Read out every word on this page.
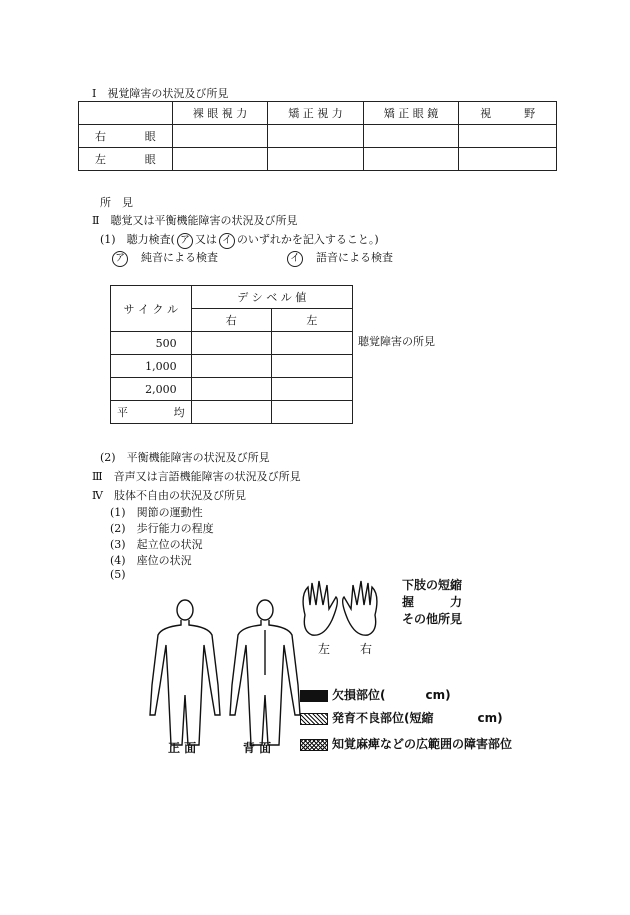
Ⅰ　視覚障害の状況及び所見
	裸 眼 視 力	矯 正 視 力	矯 正 眼 鏡	視　　　野

右 眼				

左 眼				

所　見
Ⅱ　聴覚又は平衡機能障害の状況及び所見
(1)　聴力検査( ア 又は イ のいずれかを記入すること。)
ア　 純音による検査	イ　 語音による検査
サ イ ク ル	デ シ ベ ル 値	
	右	左
500		
1,000		
2,000		

平 均		

聴覚障害の所見
(2)　平衡機能障害の状況及び所見
Ⅲ　音声又は言語機能障害の状況及び所見
Ⅳ　肢体不自由の状況及び所見
(1)　関節の運動性
(2)　歩行能力の程度
(3)　起立位の状況
(4)　座位の状況
(5)
左 右
下肢の短縮
握　　　力
その他所見
正 面	背 面
欠損部位(	cm)
発育不良部位(短縮	cm)
知覚麻痺などの広範囲の障害部位
